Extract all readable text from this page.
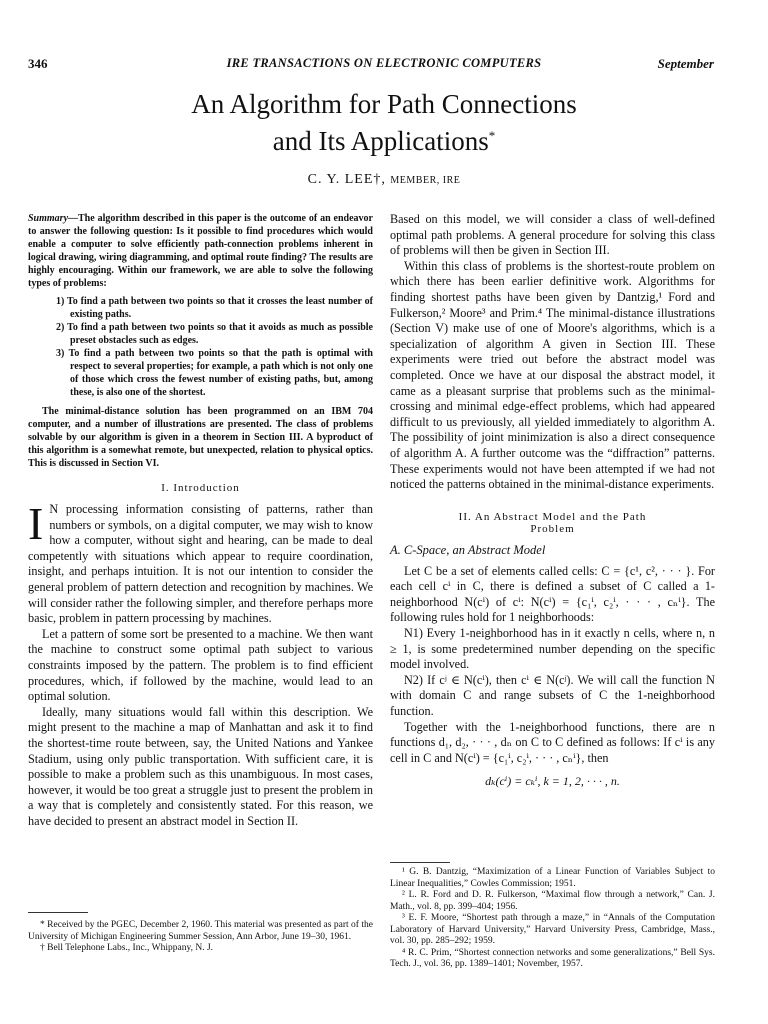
346	IRE TRANSACTIONS ON ELECTRONIC COMPUTERS	September
An Algorithm for Path Connections
and Its Applications*
C. Y. LEE†, MEMBER, IRE

Summary—The algorithm described in this paper is the outcome of an endeavor to answer the following question: Is it possible to find procedures which would enable a computer to solve efficiently path-connection problems inherent in logical drawing, wiring diagramming, and optimal route finding? The results are highly encouraging. Within our framework, we are able to solve the following types of problems:

1) To find a path between two points so that it crosses the least number of existing paths.
2) To find a path between two points so that it avoids as much as possible preset obstacles such as edges.
3) To find a path between two points so that the path is optimal with respect to several properties; for example, a path which is not only one of those which cross the fewest number of existing paths, but, among these, is also one of the shortest.

The minimal-distance solution has been programmed on an IBM 704 computer, and a number of illustrations are presented. The class of problems solvable by our algorithm is given in a theorem in Section III. A byproduct of this algorithm is a somewhat remote, but unexpected, relation to physical optics. This is discussed in Section VI.

I. Introduction
I N processing information consisting of patterns, rather than numbers or symbols, on a digital computer, we may wish to know how a computer, without sight and hearing, can be made to deal competently with situations which appear to require coordination, insight, and perhaps intuition. It is not our intention to consider the general problem of pattern detection and recognition by machines. We will consider rather the following simpler, and therefore perhaps more basic, problem in pattern processing by machines.

Let a pattern of some sort be presented to a machine. We then want the machine to construct some optimal path subject to various constraints imposed by the pattern. The problem is to find efficient procedures, which, if followed by the machine, would lead to an optimal solution.

Ideally, many situations would fall within this description. We might present to the machine a map of Manhattan and ask it to find the shortest-time route between, say, the United Nations and Yankee Stadium, using only public transportation. With sufficient care, it is possible to make a problem such as this unambiguous. In most cases, however, it would be too great a struggle just to present the problem in a way that is completely and consistently stated. For this reason, we have decided to present an abstract model in Section II.

* Received by the PGEC, December 2, 1960. This material was presented as part of the University of Michigan Engineering Summer Session, Ann Arbor, June 19–30, 1961.

† Bell Telephone Labs., Inc., Whippany, N. J.

Based on this model, we will consider a class of well-defined optimal path problems. A general procedure for solving this class of problems will then be given in Section III.

Within this class of problems is the shortest-route problem on which there has been earlier definitive work. Algorithms for finding shortest paths have been given by Dantzig,¹ Ford and Fulkerson,² Moore³ and Prim.⁴ The minimal-distance illustrations (Section V) make use of one of Moore's algorithms, which is a specialization of algorithm A given in Section III. These experiments were tried out before the abstract model was completed. Once we have at our disposal the abstract model, it came as a pleasant surprise that problems such as the minimal-crossing and minimal edge-effect problems, which had appeared difficult to us previously, all yielded immediately to algorithm A. The possibility of joint minimization is also a direct consequence of algorithm A. A further outcome was the “diffraction” patterns. These experiments would not have been attempted if we had not noticed the patterns obtained in the minimal-distance experiments.

II. An Abstract Model and the Path
Problem
A. C-Space, an Abstract Model

Let C be a set of elements called cells: C = {c¹, c², · · · }. For each cell cⁱ in C, there is defined a subset of C called a 1-neighborhood N(cⁱ) of cⁱ: N(cⁱ) = {c₁ⁱ, c₂ⁱ, · · · , cₙⁱ}. The following rules hold for 1 neighborhoods:

N1) Every 1-neighborhood has in it exactly n cells, where n, n ≥ 1, is some predetermined number depending on the specific model involved.

N2) If cʲ ∈ N(cⁱ), then cⁱ ∈ N(cʲ). We will call the function N with domain C and range subsets of C the 1-neighborhood function.

Together with the 1-neighborhood functions, there are n functions d₁, d₂, · · · , dₙ on C to C defined as follows: If cⁱ is any cell in C and N(cⁱ) = {c₁ⁱ, c₂ⁱ, · · · , cₙⁱ}, then

dₖ(cⁱ) = cₖⁱ, k = 1, 2, · · · , n.

¹ G. B. Dantzig, “Maximization of a Linear Function of Variables Subject to Linear Inequalities,” Cowles Commission; 1951.

² L. R. Ford and D. R. Fulkerson, “Maximal flow through a network,” Can. J. Math., vol. 8, pp. 399–404; 1956.

³ E. F. Moore, “Shortest path through a maze,” in “Annals of the Computation Laboratory of Harvard University,” Harvard University Press, Cambridge, Mass., vol. 30, pp. 285–292; 1959.

⁴ R. C. Prim, “Shortest connection networks and some generalizations,” Bell Sys. Tech. J., vol. 36, pp. 1389–1401; November, 1957.
